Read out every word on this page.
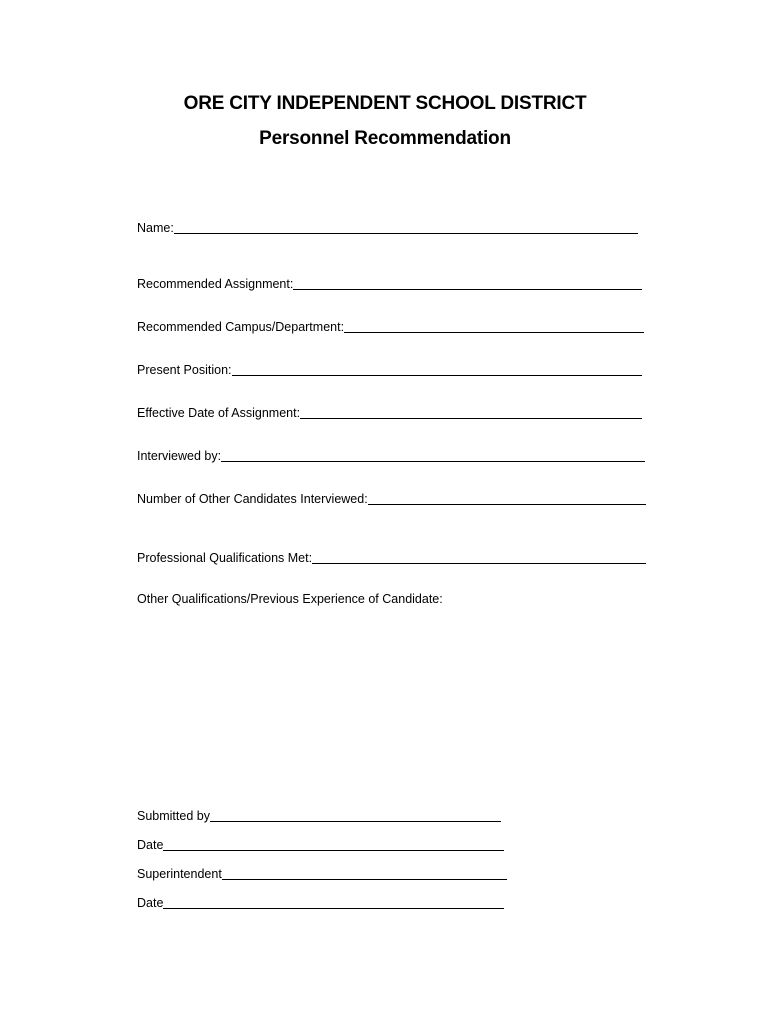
ORE CITY INDEPENDENT SCHOOL DISTRICT
Personnel Recommendation
Name:
Recommended Assignment:
Recommended Campus/Department:
Present Position:
Effective Date of Assignment:
Interviewed by:
Number of Other Candidates Interviewed:
Professional Qualifications Met:
Other Qualifications/Previous Experience of Candidate:
Submitted by
Date
Superintendent
Date
